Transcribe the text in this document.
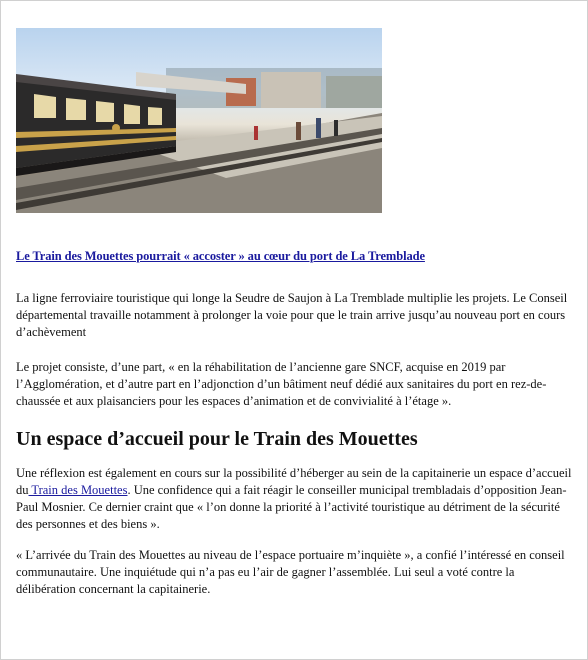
Le Train des Mouettes pourrait « accoster » au cœur du port de La Tremblade

La ligne ferroviaire touristique qui longe la Seudre de Saujon à La Tremblade multiplie les projets. Le Conseil départemental travaille notamment à prolonger la voie pour que le train arrive jusqu’au nouveau port en cours d’achèvement

Le projet consiste, d’une part, « en la réhabilitation de l’ancienne gare SNCF, acquise en 2019 par l’Agglomération, et d’autre part en l’adjonction d’un bâtiment neuf dédié aux sanitaires du port en rez-de-chaussée et aux plaisanciers pour les espaces d’animation et de convivialité à l’étage ».

Un espace d’accueil pour le Train des Mouettes

Une réflexion est également en cours sur la possibilité d’héberger au sein de la capitainerie un espace d’accueil du Train des Mouettes. Une confidence qui a fait réagir le conseiller municipal trembladais d’opposition Jean-Paul Mosnier. Ce dernier craint que « l’on donne la priorité à l’activité touristique au détriment de la sécurité des personnes et des biens ».

« L’arrivée du Train des Mouettes au niveau de l’espace portuaire m’inquiète », a confié l’intéressé en conseil communautaire. Une inquiétude qui n’a pas eu l’air de gagner l’assemblée. Lui seul a voté contre la délibération concernant la capitainerie.
